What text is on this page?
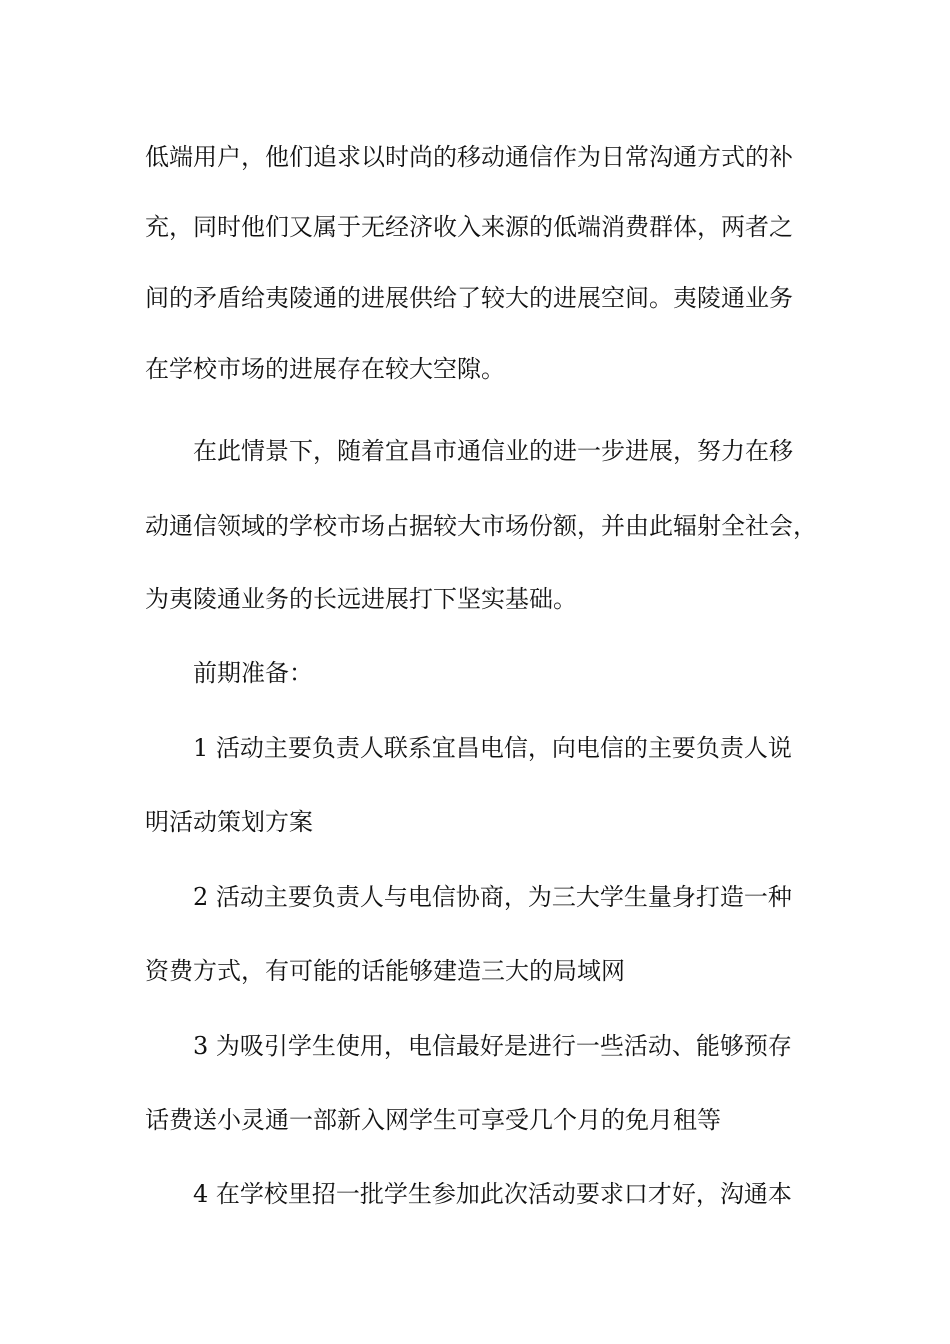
低端用户，他们追求以时尚的移动通信作为日常沟通方式的补
充，同时他们又属于无经济收入来源的低端消费群体，两者之
间的矛盾给夷陵通的进展供给了较大的进展空间。夷陵通业务
在学校市场的进展存在较大空隙。
在此情景下，随着宜昌市通信业的进一步进展，努力在移
动通信领域的学校市场占据较大市场份额，并由此辐射全社会，
为夷陵通业务的长远进展打下坚实基础。
前期准备：
1 活动主要负责人联系宜昌电信，向电信的主要负责人说
明活动策划方案
2 活动主要负责人与电信协商，为三大学生量身打造一种
资费方式，有可能的话能够建造三大的局域网
3 为吸引学生使用，电信最好是进行一些活动、能够预存
话费送小灵通一部新入网学生可享受几个月的免月租等
4 在学校里招一批学生参加此次活动要求口才好，沟通本
